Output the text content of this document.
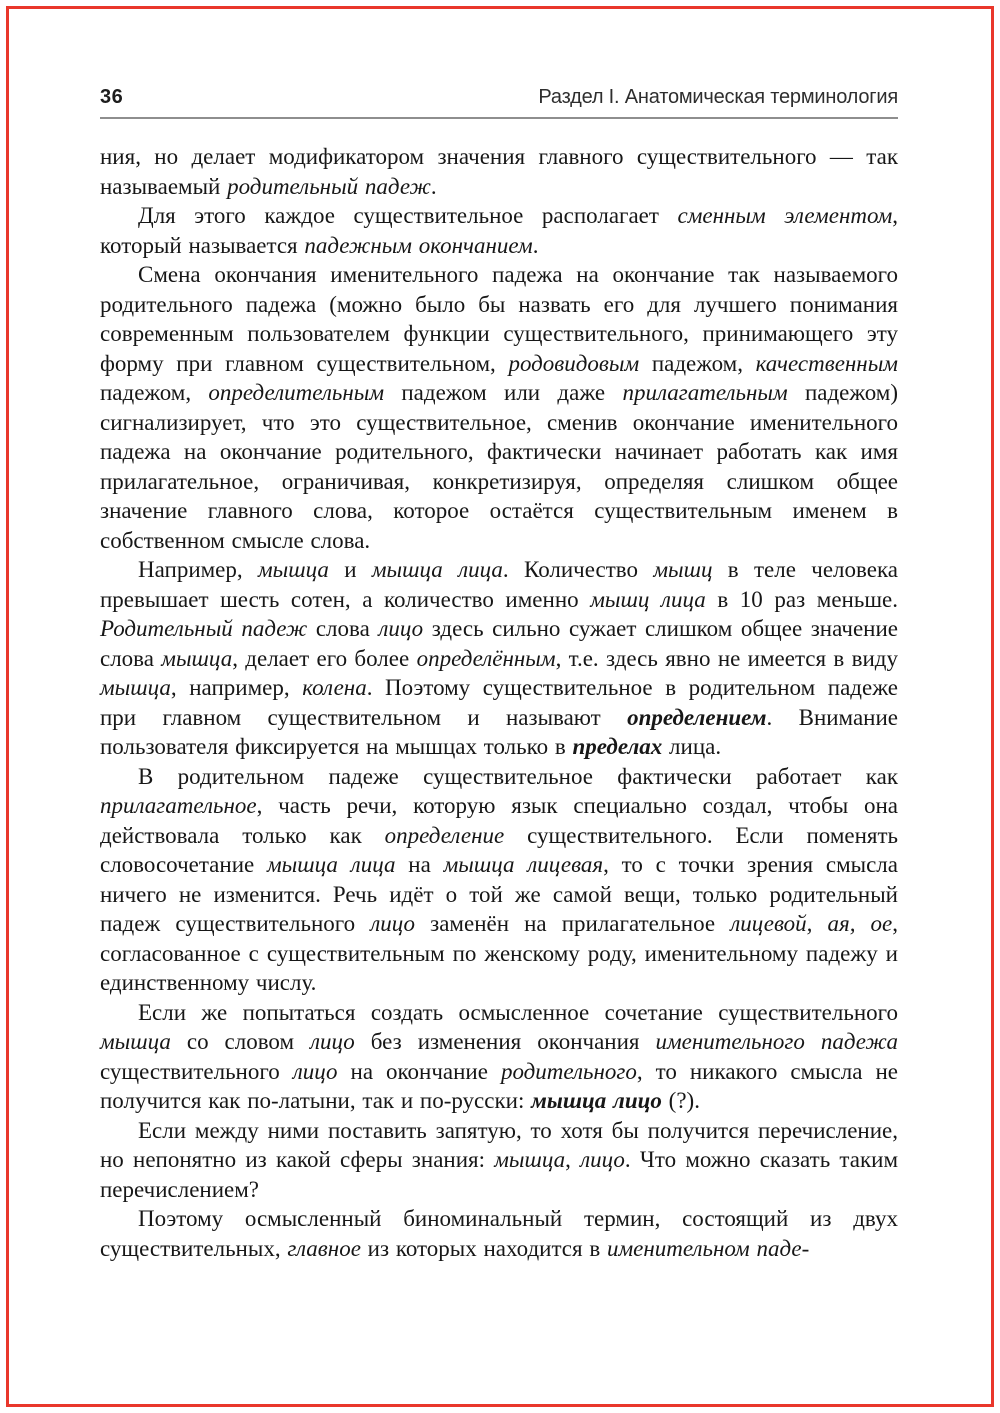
36	Раздел I. Анатомическая терминология

ния, но делает модификатором значения главного существительного — так называемый родительный падеж.

Для этого каждое существительное располагает сменным элементом, который называется падежным окончанием.

Смена окончания именительного падежа на окончание так называемого родительного падежа (можно было бы назвать его для лучшего понимания современным пользователем функции существительного, принимающего эту форму при главном существительном, родовидовым падежом, качественным падежом, определительным падежом или даже прилагательным падежом) сигнализирует, что это существительное, сменив окончание именительного падежа на окончание родительного, фактически начинает работать как имя прилагательное, ограничивая, конкретизируя, определяя слишком общее значение главного слова, которое остаётся существительным именем в собственном смысле слова.

Например, мышца и мышца лица. Количество мышц в теле человека превышает шесть сотен, а количество именно мышц лица в 10 раз меньше. Родительный падеж слова лицо здесь сильно сужает слишком общее значение слова мышца, делает его более определённым, т.е. здесь явно не имеется в виду мышца, например, колена. Поэтому существительное в родительном падеже при главном существительном и называют определением. Внимание пользователя фиксируется на мышцах только в пределах лица.

В родительном падеже существительное фактически работает как прилагательное, часть речи, которую язык специально создал, чтобы она действовала только как определение существительного. Если поменять словосочетание мышца лица на мышца лицевая, то с точки зрения смысла ничего не изменится. Речь идёт о той же самой вещи, только родительный падеж существительного лицо заменён на прилагательное лицевой, ая, ое, согласованное с существительным по женскому роду, именительному падежу и единственному числу.

Если же попытаться создать осмысленное сочетание существительного мышца со словом лицо без изменения окончания именительного падежа существительного лицо на окончание родительного, то никакого смысла не получится как по-латыни, так и по-русски: мышца лицо (?).

Если между ними поставить запятую, то хотя бы получится перечисление, но непонятно из какой сферы знания: мышца, лицо. Что можно сказать таким перечислением?

Поэтому осмысленный биноминальный термин, состоящий из двух существительных, главное из которых находится в именительном паде-
